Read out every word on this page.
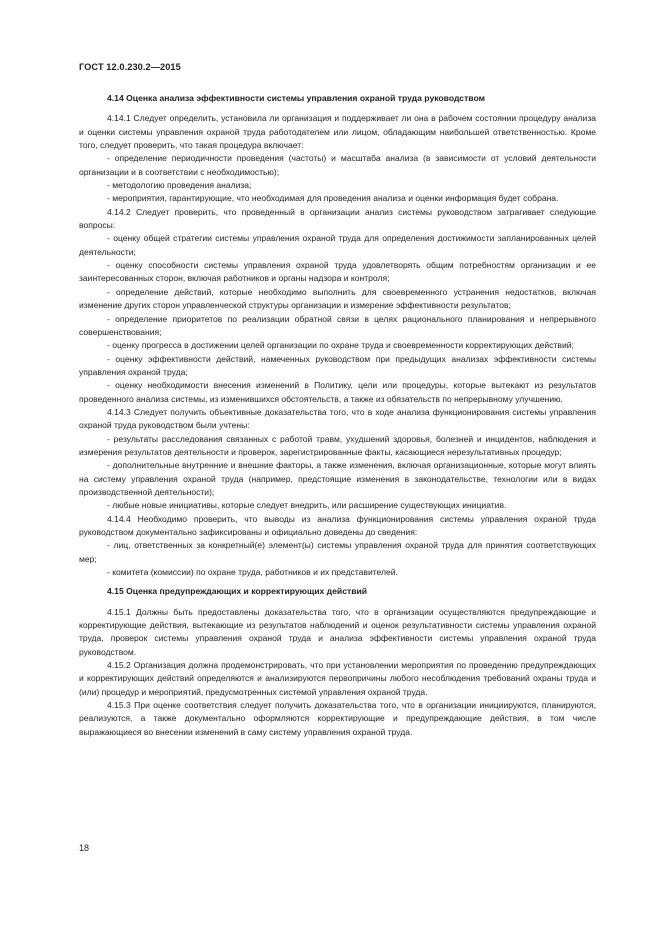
ГОСТ 12.0.230.2—2015
4.14 Оценка анализа эффективности системы управления охраной труда руководством

4.14.1 Следует определить, установила ли организация и поддерживает ли она в рабочем состоянии процедуру анализа и оценки системы управления охраной труда работодателем или лицом, обладающим наибольшей ответственностью. Кроме того, следует проверить, что такая процедура включает:

- определение периодичности проведения (частоты) и масштаба анализа (в зависимости от условий деятельности организации и в соответствии с необходимостью);

- методологию проведения анализа;

- мероприятия, гарантирующие, что необходимая для проведения анализа и оценки информация будет собрана.

4.14.2 Следует проверить, что проведенный в организации анализ системы руководством затрагивает следующие вопросы:

- оценку общей стратегии системы управления охраной труда для определения достижимости запланированных целей деятельности;

- оценку способности системы управления охраной труда удовлетворять общим потребностям организации и ее заинтересованных сторон, включая работников и органы надзора и контроля;

- определение действий, которые необходимо выполнить для своевременного устранения недостатков, включая изменение других сторон управленческой структуры организации и измерение эффективности результатов;

- определение приоритетов по реализации обратной связи в целях рационального планирования и непрерывного совершенствования;

- оценку прогресса в достижении целей организации по охране труда и своевременности корректирующих действий;

- оценку эффективности действий, намеченных руководством при предыдущих анализах эффективности системы управления охраной труда;

- оценку необходимости внесения изменений в Политику, цели или процедуры, которые вытекают из результатов проведенного анализа системы, из изменившихся обстоятельств, а также из обязательств по непрерывному улучшению.

4.14.3 Следует получить объективные доказательства того, что в ходе анализа функционирования системы управления охраной труда руководством были учтены:

- результаты расследования связанных с работой травм, ухудшений здоровья, болезней и инцидентов, наблюдения и измерения результатов деятельности и проверок, зарегистрированные факты, касающиеся нерезультативных процедур;

- дополнительные внутренние и внешние факторы, а также изменения, включая организационные, которые могут влиять на систему управления охраной труда (например, предстоящие изменения в законодательстве, технологии или в видах производственной деятельности);

- любые новые инициативы, которые следует внедрить, или расширение существующих инициатив.

4.14.4 Необходимо проверить, что выводы из анализа функционирования системы управления охраной труда руководством документально зафиксированы и официально доведены до сведения:

- лиц, ответственных за конкретный(е) элемент(ы) системы управления охраной труда для принятия соответствующих мер;

- комитета (комиссии) по охране труда, работников и их представителей.

4.15 Оценка предупреждающих и корректирующих действий

4.15.1 Должны быть предоставлены доказательства того, что в организации осуществляются предупреждающие и корректирующие действия, вытекающие из результатов наблюдений и оценок результативности системы управления охраной труда, проверок системы управления охраной труда и анализа эффективности системы управления охраной труда руководством.

4.15.2 Организация должна продемонстрировать, что при установлении мероприятия по проведению предупреждающих и корректирующих действий определяются и анализируются первопричины любого несоблюдения требований охраны труда и (или) процедур и мероприятий, предусмотренных системой управления охраной труда.

4.15.3 При оценке соответствия следует получить доказательства того, что в организации инициируются, планируются, реализуются, а также документально оформляются корректирующие и предупреждающие действия, в том числе выражающиеся во внесении изменений в саму систему управления охраной труда.

18
